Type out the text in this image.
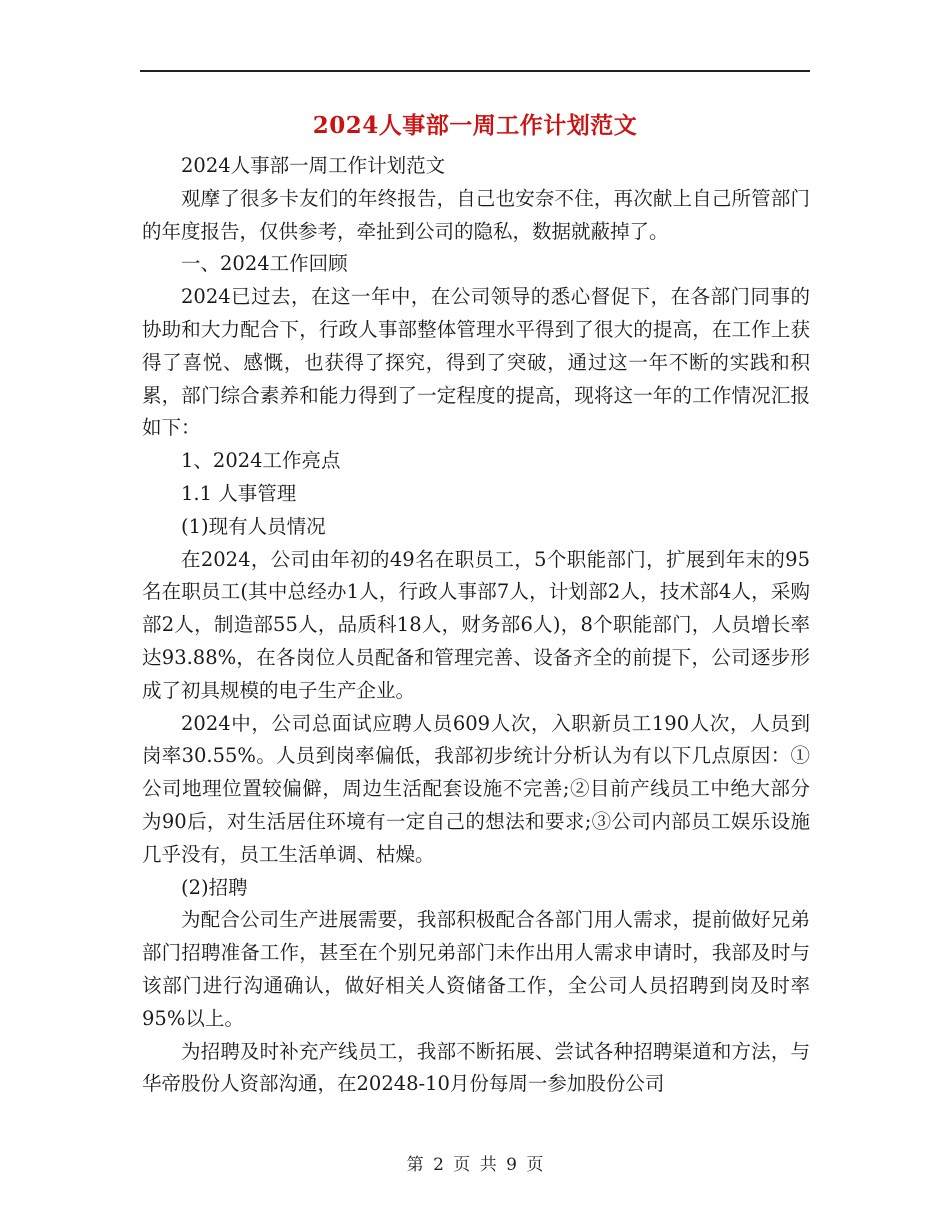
2024人事部一周工作计划范文

2024人事部一周工作计划范文

观摩了很多卡友们的年终报告，自己也安奈不住，再次献上自己所管部门的年度报告，仅供参考，牵扯到公司的隐私，数据就蔽掉了。

一、2024工作回顾

2024已过去，在这一年中，在公司领导的悉心督促下，在各部门同事的协助和大力配合下，行政人事部整体管理水平得到了很大的提高，在工作上获得了喜悦、感慨，也获得了探究，得到了突破，通过这一年不断的实践和积累，部门综合素养和能力得到了一定程度的提高，现将这一年的工作情况汇报如下：

1、2024工作亮点

1.1 人事管理

(1)现有人员情况

在2024，公司由年初的49名在职员工，5个职能部门，扩展到年末的95名在职员工(其中总经办1人，行政人事部7人，计划部2人，技术部4人，采购部2人，制造部55人，品质科18人，财务部6人)，8个职能部门，人员增长率达93.88%，在各岗位人员配备和管理完善、设备齐全的前提下，公司逐步形成了初具规模的电子生产企业。

2024中，公司总面试应聘人员609人次，入职新员工190人次，人员到岗率30.55%。人员到岗率偏低，我部初步统计分析认为有以下几点原因：①公司地理位置较偏僻，周边生活配套设施不完善;②目前产线员工中绝大部分为90后，对生活居住环境有一定自己的想法和要求;③公司内部员工娱乐设施几乎没有，员工生活单调、枯燥。

(2)招聘

为配合公司生产进展需要，我部积极配合各部门用人需求，提前做好兄弟部门招聘准备工作，甚至在个别兄弟部门未作出用人需求申请时，我部及时与该部门进行沟通确认，做好相关人资储备工作，全公司人员招聘到岗及时率95%以上。

为招聘及时补充产线员工，我部不断拓展、尝试各种招聘渠道和方法，与华帝股份人资部沟通，在20248-10月份每周一参加股份公司

第 2 页 共 9 页
